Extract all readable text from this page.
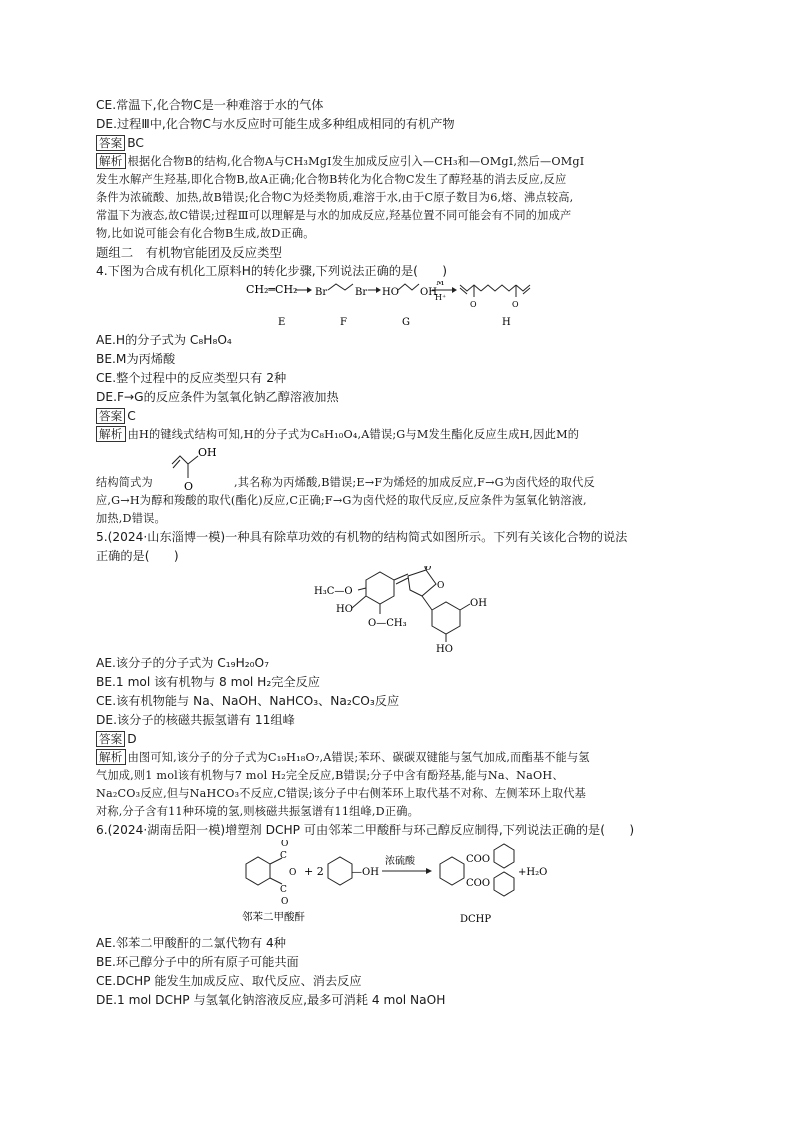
CE.常温下,化合物C是一种难溶于水的气体
DE.过程Ⅲ中,化合物C与水反应时可能生成多种组成相同的有机产物
答案 BC
解析 根据化合物B的结构,化合物A与CH₃MgI发生加成反应引入—CH₃和—OMgI,然后—OMgI
发生水解产生羟基,即化合物B,故A正确;化合物B转化为化合物C发生了醇羟基的消去反应,反应
条件为浓硫酸、加热,故B错误;化合物C为烃类物质,难溶于水,由于C原子数目为6,熔、沸点较高,
常温下为液态,故C错误;过程Ⅲ可以理解是与水的加成反应,羟基位置不同可能会有不同的加成产
物,比如说可能会有化合物B生成,故D正确。
题组二　有机物官能团及反应类型
4.下图为合成有机化工原料H的转化步骤,下列说法正确的是(　　)
CH₂═CH₂ Br	Br HO OH
M
H⁺
O	O
E	F	G	H
AE.H的分子式为 C₈H₈O₄
BE.M为丙烯酸
CE.整个过程中的反应类型只有 2种
DE.F→G的反应条件为氢氧化钠乙醇溶液加热
答案 C
解析 由H的键线式结构可知,H的分子式为C₈H₁₀O₄,A错误;G与M发生酯化反应生成H,因此M的
OH
O
结构简式为	,其名称为丙烯酸,B错误;E→F为烯烃的加成反应,F→G为卤代烃的取代反
应,G→H为醇和羧酸的取代(酯化)反应,C正确;F→G为卤代烃的取代反应,反应条件为氢氧化钠溶液,
加热,D错误。
5.(2024·山东淄博一模)一种具有除草功效的有机物的结构简式如图所示。下列有关该化合物的说法
正确的是(　　)
H₃C—O
HO
O—CH₃
O
O
OH
HO
AE.该分子的分子式为 C₁₉H₂₀O₇
BE.1 mol 该有机物与 8 mol H₂完全反应
CE.该有机物能与 Na、NaOH、NaHCO₃、Na₂CO₃反应
DE.该分子的核磁共振氢谱有 11组峰
答案 D
解析 由图可知,该分子的分子式为C₁₉H₁₈O₇,A错误;苯环、碳碳双键能与氢气加成,而酯基不能与氢
气加成,则1 mol该有机物与7 mol H₂完全反应,B错误;分子中含有酚羟基,能与Na、NaOH、
Na₂CO₃反应,但与NaHCO₃不反应,C错误;该分子中右侧苯环上取代基不对称、左侧苯环上取代基
对称,分子含有11种环境的氢,则核磁共振氢谱有11组峰,D正确。
6.(2024·湖南岳阳一模)增塑剂 DCHP 可由邻苯二甲酸酐与环己醇反应制得,下列说法正确的是(　　)
C
C
O
O
O
+ 2	—OH
浓硫酸	COO
COO
+H₂O
邻苯二甲酸酐	DCHP
AE.邻苯二甲酸酐的二氯代物有 4种
BE.环己醇分子中的所有原子可能共面
CE.DCHP 能发生加成反应、取代反应、消去反应
DE.1 mol DCHP 与氢氧化钠溶液反应,最多可消耗 4 mol NaOH
